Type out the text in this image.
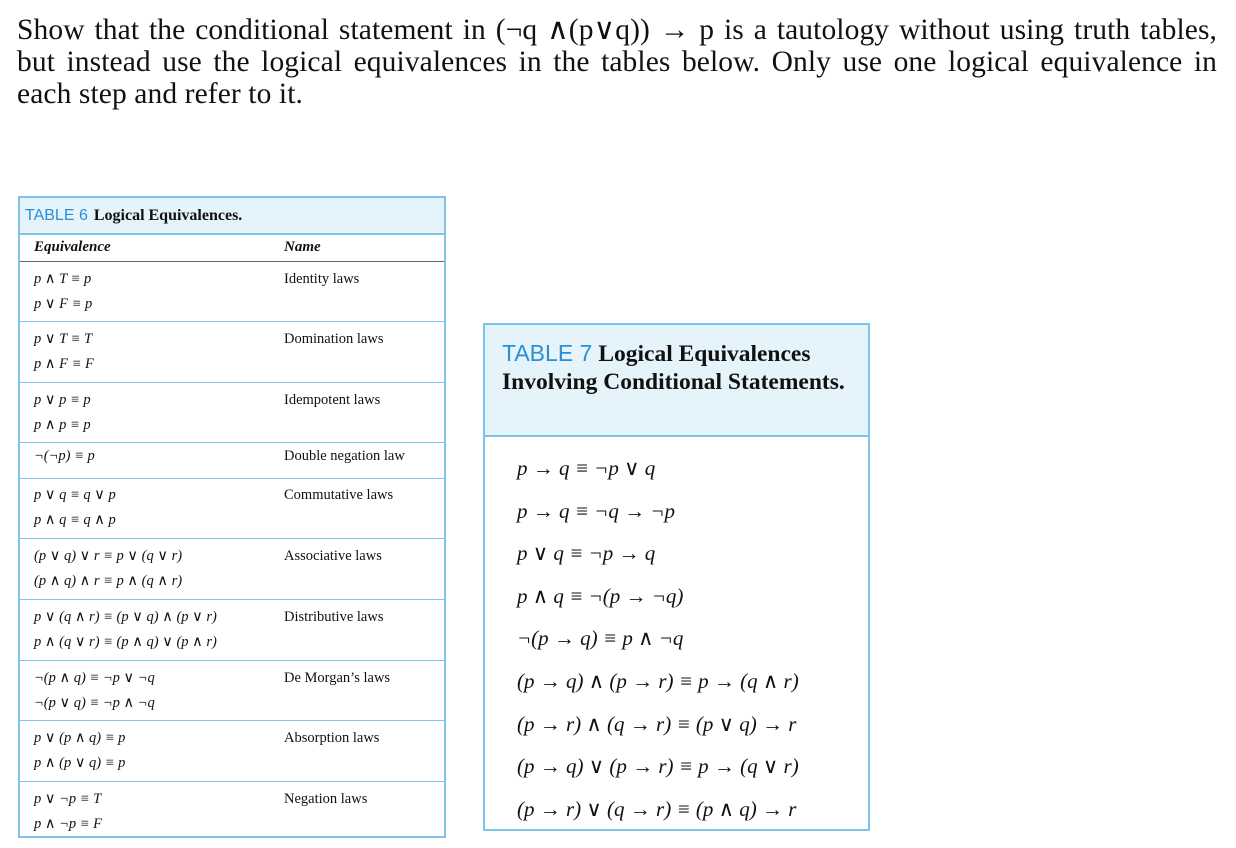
Show that the conditional statement in (¬q ∧(p∨q)) → p is a tautology without using truth tables, but instead use the logical equivalences in the tables below. Only use one logical equivalence in each step and refer to it.
TABLE 6 Logical Equivalences.
Equivalence	Name
p ∧ T ≡ p
p ∨ F ≡ p
Identity laws
p ∨ T ≡ T
p ∧ F ≡ F
Domination laws
p ∨ p ≡ p
p ∧ p ≡ p
Idempotent laws
¬(¬p) ≡ p	Double negation law
p ∨ q ≡ q ∨ p
p ∧ q ≡ q ∧ p
Commutative laws
(p ∨ q) ∨ r ≡ p ∨ (q ∨ r)
(p ∧ q) ∧ r ≡ p ∧ (q ∧ r)
Associative laws
p ∨ (q ∧ r) ≡ (p ∨ q) ∧ (p ∨ r)
p ∧ (q ∨ r) ≡ (p ∧ q) ∨ (p ∧ r)
Distributive laws
¬(p ∧ q) ≡ ¬p ∨ ¬q
¬(p ∨ q) ≡ ¬p ∧ ¬q
De Morgan’s laws
p ∨ (p ∧ q) ≡ p
p ∧ (p ∨ q) ≡ p
Absorption laws
p ∨ ¬p ≡ T
p ∧ ¬p ≡ F
Negation laws
TABLE 7 Logical Equivalences Involving Conditional Statements.
p → q ≡ ¬p ∨ q
p → q ≡ ¬q → ¬p
p ∨ q ≡ ¬p → q
p ∧ q ≡ ¬(p → ¬q)
¬(p → q) ≡ p ∧ ¬q
(p → q) ∧ (p → r) ≡ p → (q ∧ r)
(p → r) ∧ (q → r) ≡ (p ∨ q) → r
(p → q) ∨ (p → r) ≡ p → (q ∨ r)
(p → r) ∨ (q → r) ≡ (p ∧ q) → r
